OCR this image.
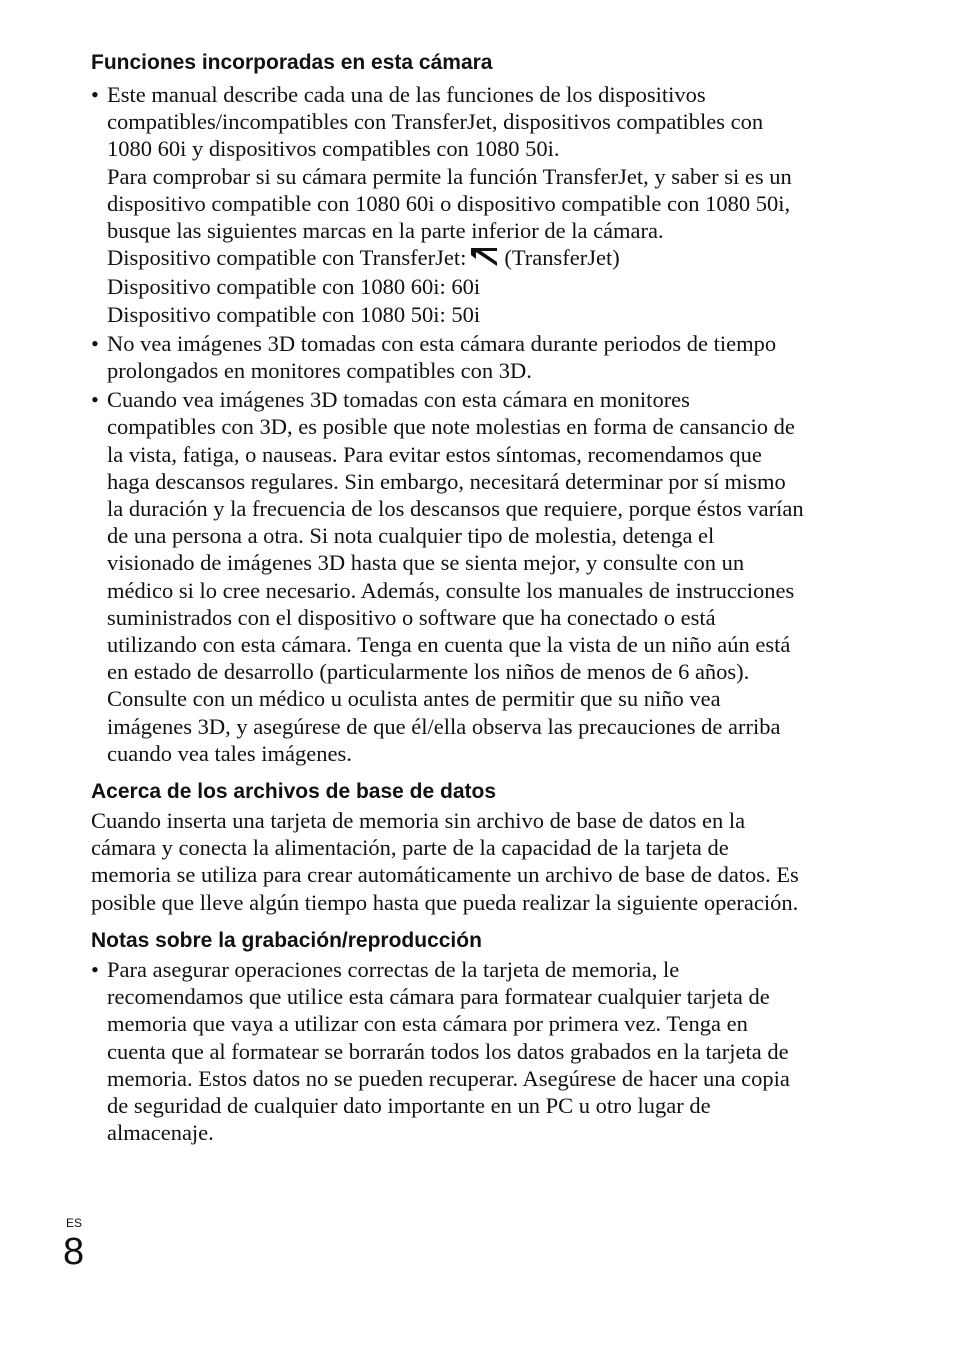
Funciones incorporadas en esta cámara
• Este manual describe cada una de las funciones de los dispositivos
compatibles/incompatibles con TransferJet, dispositivos compatibles con
1080 60i y dispositivos compatibles con 1080 50i.
Para comprobar si su cámara permite la función TransferJet, y saber si es un
dispositivo compatible con 1080 60i o dispositivo compatible con 1080 50i,
busque las siguientes marcas en la parte inferior de la cámara.
Dispositivo compatible con TransferJet: (TransferJet)
Dispositivo compatible con 1080 60i: 60i
Dispositivo compatible con 1080 50i: 50i
• No vea imágenes 3D tomadas con esta cámara durante periodos de tiempo
prolongados en monitores compatibles con 3D.
• Cuando vea imágenes 3D tomadas con esta cámara en monitores
compatibles con 3D, es posible que note molestias en forma de cansancio de
la vista, fatiga, o nauseas. Para evitar estos síntomas, recomendamos que
haga descansos regulares. Sin embargo, necesitará determinar por sí mismo
la duración y la frecuencia de los descansos que requiere, porque éstos varían
de una persona a otra. Si nota cualquier tipo de molestia, detenga el
visionado de imágenes 3D hasta que se sienta mejor, y consulte con un
médico si lo cree necesario. Además, consulte los manuales de instrucciones
suministrados con el dispositivo o software que ha conectado o está
utilizando con esta cámara. Tenga en cuenta que la vista de un niño aún está
en estado de desarrollo (particularmente los niños de menos de 6 años).
Consulte con un médico u oculista antes de permitir que su niño vea
imágenes 3D, y asegúrese de que él/ella observa las precauciones de arriba
cuando vea tales imágenes.
Acerca de los archivos de base de datos
Cuando inserta una tarjeta de memoria sin archivo de base de datos en la
cámara y conecta la alimentación, parte de la capacidad de la tarjeta de
memoria se utiliza para crear automáticamente un archivo de base de datos. Es
posible que lleve algún tiempo hasta que pueda realizar la siguiente operación.
Notas sobre la grabación/reproducción
• Para asegurar operaciones correctas de la tarjeta de memoria, le
recomendamos que utilice esta cámara para formatear cualquier tarjeta de
memoria que vaya a utilizar con esta cámara por primera vez. Tenga en
cuenta que al formatear se borrarán todos los datos grabados en la tarjeta de
memoria. Estos datos no se pueden recuperar. Asegúrese de hacer una copia
de seguridad de cualquier dato importante en un PC u otro lugar de
almacenaje.
ES
8
